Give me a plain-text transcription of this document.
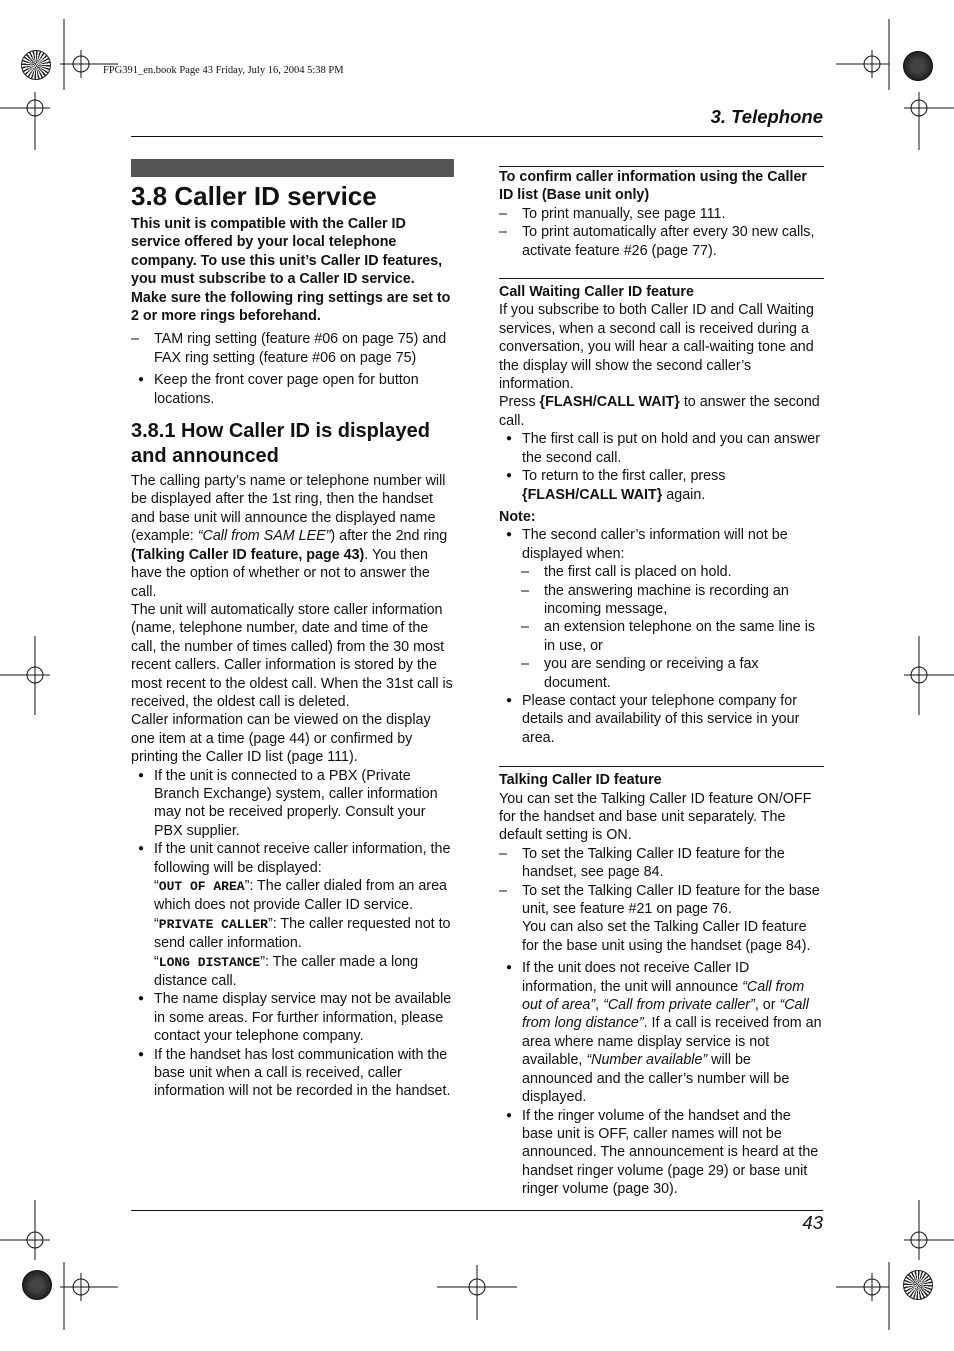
FPG391_en.book Page 43 Friday, July 16, 2004 5:38 PM
3. Telephone
3.8 Caller ID service

This unit is compatible with the Caller ID service offered by your local telephone company. To use this unit’s Caller ID features, you must subscribe to a Caller ID service.

Make sure the following ring settings are set to 2 or more rings beforehand.

– TAM ring setting (feature #06 on page 75) and FAX ring setting (feature #06 on page 75)

● Keep the front cover page open for button locations.

3.8.1 How Caller ID is displayed and announced

The calling party’s name or telephone number will be displayed after the 1st ring, then the handset and base unit will announce the displayed name (example: “Call from SAM LEE”) after the 2nd ring (Talking Caller ID feature, page 43). You then have the option of whether or not to answer the call.

The unit will automatically store caller information (name, telephone number, date and time of the call, the number of times called) from the 30 most recent callers. Caller information is stored by the most recent to the oldest call. When the 31st call is received, the oldest call is deleted.

Caller information can be viewed on the display one item at a time (page 44) or confirmed by printing the Caller ID list (page 111).

● If the unit is connected to a PBX (Private Branch Exchange) system, caller information may not be received properly. Consult your PBX supplier.

● If the unit cannot receive caller information, the following will be displayed:

“OUT OF AREA”: The caller dialed from an area which does not provide Caller ID service.

“PRIVATE CALLER”: The caller requested not to send caller information.

“LONG DISTANCE”: The caller made a long distance call.

● The name display service may not be available in some areas. For further information, please contact your telephone company.

● If the handset has lost communication with the base unit when a call is received, caller information will not be recorded in the handset.

To confirm caller information using the Caller ID list (Base unit only)

– To print manually, see page 111.

– To print automatically after every 30 new calls, activate feature #26 (page 77).

Call Waiting Caller ID feature

If you subscribe to both Caller ID and Call Waiting services, when a second call is received during a conversation, you will hear a call-waiting tone and the display will show the second caller’s information.

Press {FLASH/CALL WAIT} to answer the second call.

● The first call is put on hold and you can answer the second call.

● To return to the first caller, press {FLASH/CALL WAIT} again.

Note:

● The second caller’s information will not be displayed when:

– the first call is placed on hold.

– the answering machine is recording an incoming message,

– an extension telephone on the same line is in use, or

– you are sending or receiving a fax document.

● Please contact your telephone company for details and availability of this service in your area.

Talking Caller ID feature

You can set the Talking Caller ID feature ON/OFF for the handset and base unit separately. The default setting is ON.

– To set the Talking Caller ID feature for the handset, see page 84.

– To set the Talking Caller ID feature for the base unit, see feature #21 on page 76.

You can also set the Talking Caller ID feature for the base unit using the handset (page 84).

● If the unit does not receive Caller ID information, the unit will announce “Call from out of area”, “Call from private caller”, or “Call from long distance”. If a call is received from an area where name display service is not available, “Number available” will be announced and the caller’s number will be displayed.

● If the ringer volume of the handset and the base unit is OFF, caller names will not be announced. The announcement is heard at the handset ringer volume (page 29) or base unit ringer volume (page 30).

43
